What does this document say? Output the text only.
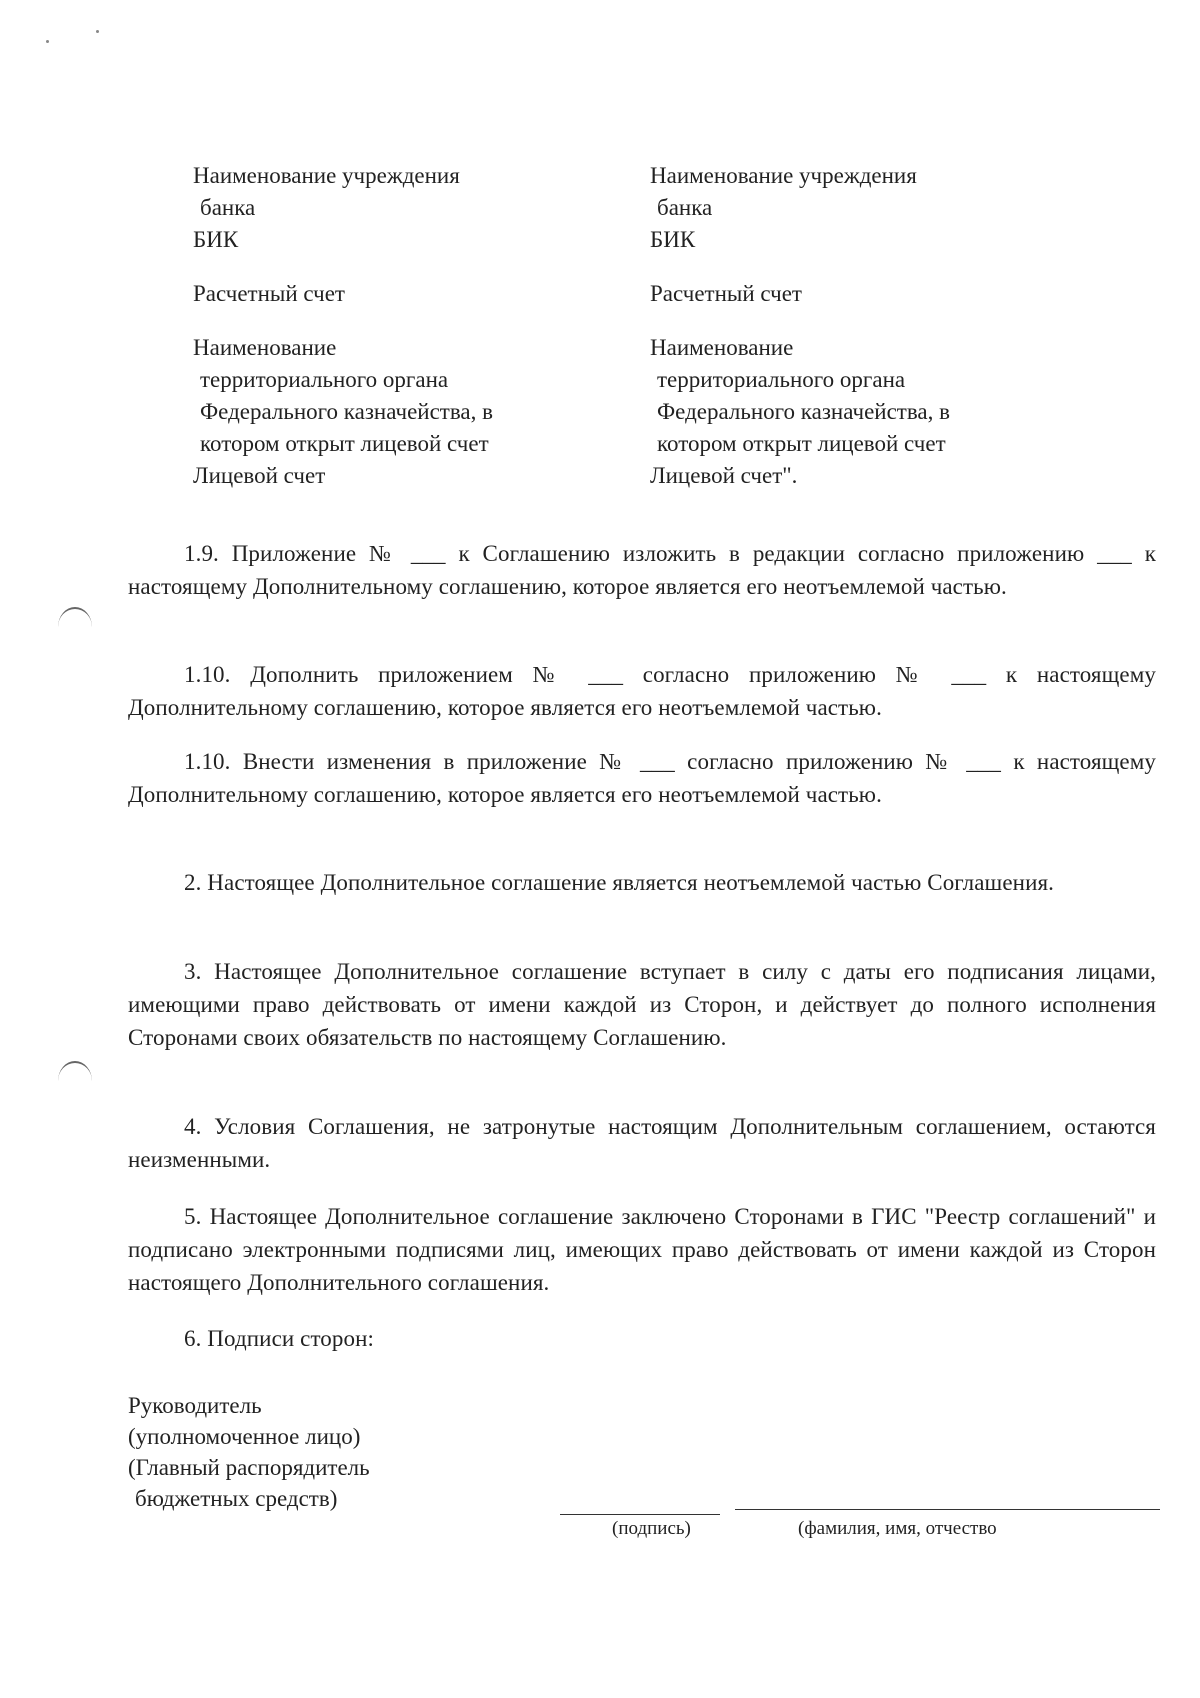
Наименование учреждения
банка
БИК
Расчетный счет
Наименование
территориального органа
Федерального казначейства, в
котором открыт лицевой счет
Лицевой счет
Наименование учреждения
банка
БИК
Расчетный счет
Наименование
территориального органа
Федерального казначейства, в
котором открыт лицевой счет
Лицевой счет".
1.9. Приложение № ___ к Соглашению изложить в редакции согласно приложению ___ к настоящему Дополнительному соглашению, которое является его неотъемлемой частью.
1.10. Дополнить приложением № ___ согласно приложению № ___ к настоящему Дополнительному соглашению, которое является его неотъемлемой частью.
1.10. Внести изменения в приложение № ___ согласно приложению № ___ к настоящему Дополнительному соглашению, которое является его неотъемлемой частью.
2. Настоящее Дополнительное соглашение является неотъемлемой частью Соглашения.
3. Настоящее Дополнительное соглашение вступает в силу с даты его подписания лицами, имеющими право действовать от имени каждой из Сторон, и действует до полного исполнения Сторонами своих обязательств по настоящему Соглашению.
4. Условия Соглашения, не затронутые настоящим Дополнительным соглашением, остаются неизменными.
5. Настоящее Дополнительное соглашение заключено Сторонами в ГИС "Реестр соглашений" и подписано электронными подписями лиц, имеющих право действовать от имени каждой из Сторон настоящего Дополнительного соглашения.
6. Подписи сторон:
Руководитель
(уполномоченное лицо)
(Главный распорядитель
бюджетных средств)
(подпись)	(фамилия, имя, отчество
